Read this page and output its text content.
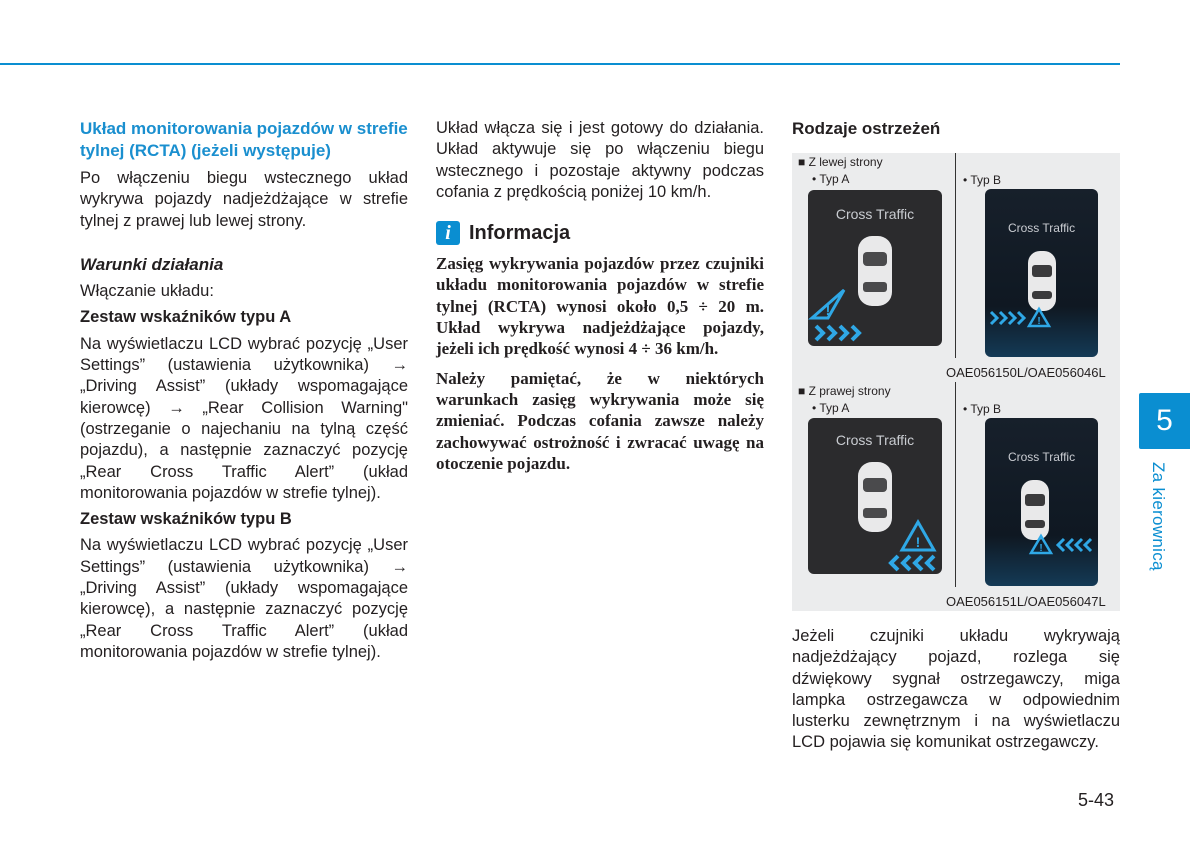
Układ monitorowania pojazdów w strefie tylnej (RCTA) (jeżeli występuje)

Po włączeniu biegu wstecznego układ wykrywa pojazdy nadjeżdżające w strefie tylnej z prawej lub lewej strony.

Warunki działania

Włączanie układu:

Zestaw wskaźników typu A

Na wyświetlaczu LCD wybrać pozycję „User Settings” (ustawienia użytkownika) → „Driving Assist” (układy wspomagające kierowcę) → „Rear Collision Warning" (ostrzeganie o najechaniu na tylną część pojazdu), a następnie zaznaczyć pozycję „Rear Cross Traffic Alert” (układ monitorowania pojazdów w strefie tylnej).

Zestaw wskaźników typu B

Na wyświetlaczu LCD wybrać pozycję „User Settings” (ustawienia użytkownika) → „Driving Assist” (układy wspomagające kierowcę), a następnie zaznaczyć pozycję „Rear Cross Traffic Alert” (układ monitorowania pojazdów w strefie tylnej).

Układ włącza się i jest gotowy do działania. Układ aktywuje się po włączeniu biegu wstecznego i pozostaje aktywny podczas cofania z prędkością poniżej 10 km/h.

i Informacja

Zasięg wykrywania pojazdów przez czujniki układu monitorowania pojazdów w strefie tylnej (RCTA) wynosi około 0,5 ÷ 20 m. Układ wykrywa nadjeżdżające pojazdy, jeżeli ich prędkość wynosi 4 ÷ 36 km/h.

Należy pamiętać, że w niektórych warunkach zasięg wykrywania może się zmieniać. Podczas cofania zawsze należy zachowywać ostrożność i zwracać uwagę na otoczenie pojazdu.

Rodzaje ostrzeżeń

■ Z lewej strony
• Typ A	• Typ B
Cross Traffic
!
Cross Traffic
!
OAE056150L/OAE056046L
■ Z prawej strony
• Typ A	• Typ B
Cross Traffic
!
Cross Traffic
!
OAE056151L/OAE056047L

Jeżeli czujniki układu wykrywają nadjeżdżający pojazd, rozlega się dźwiękowy sygnał ostrzegawczy, miga lampka ostrzegawcza w odpowiednim lusterku zewnętrznym i na wyświetlaczu LCD pojawia się komunikat ostrzegawczy.

5
Za kierownicą
5-43
